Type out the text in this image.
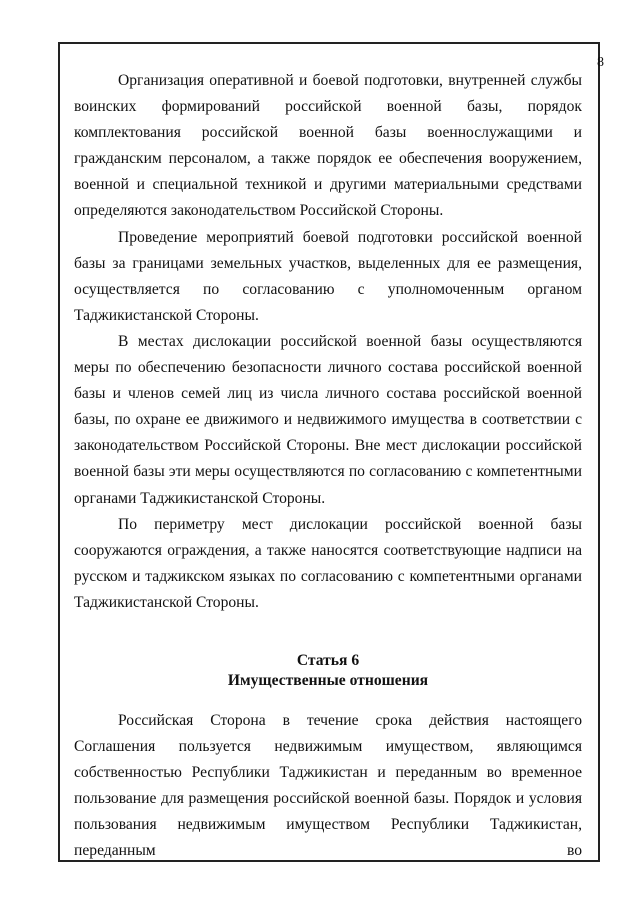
8

Организация оперативной и боевой подготовки, внутренней службы воинских формирований российской военной базы, порядок комплектования российской военной базы военнослужащими и гражданским персоналом, а также порядок ее обеспечения вооружением, военной и специальной техникой и другими материальными средствами определяются законодательством Российской Стороны.

Проведение мероприятий боевой подготовки российской военной базы за границами земельных участков, выделенных для ее размещения, осуществляется по согласованию с уполномоченным органом Таджикистанской Стороны.

В местах дислокации российской военной базы осуществляются меры по обеспечению безопасности личного состава российской военной базы и членов семей лиц из числа личного состава российской военной базы, по охране ее движимого и недвижимого имущества в соответствии с законодательством Российской Стороны. Вне мест дислокации российской военной базы эти меры осуществляются по согласованию с компетентными органами Таджикистанской Стороны.

По периметру мест дислокации российской военной базы сооружаются ограждения, а также наносятся соответствующие надписи на русском и таджикском языках по согласованию с компетентными органами Таджикистанской Стороны.

Статья 6
Имущественные отношения

Российская Сторона в течение срока действия настоящего Соглашения пользуется недвижимым имуществом, являющимся собственностью Республики Таджикистан и переданным во временное пользование для размещения российской военной базы. Порядок и условия пользования недвижимым имуществом Республики Таджикистан, переданным во
